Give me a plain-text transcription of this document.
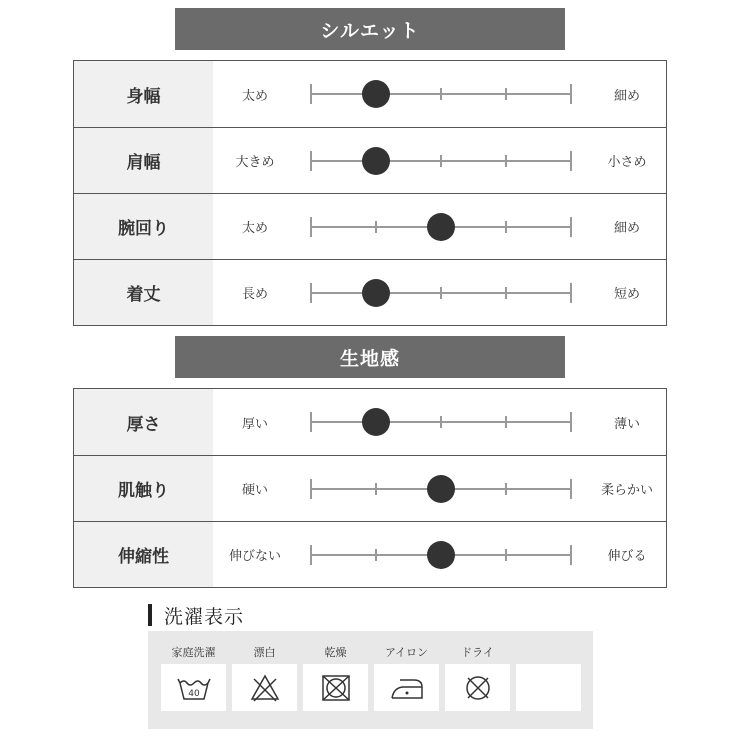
シルエット
身幅	太め	細め
肩幅	大きめ	小さめ
腕回り	太め	細め
着丈	長め	短め
生地感
厚さ	厚い	薄い
肌触り	硬い	柔らかい
伸縮性	伸びない	伸びる
洗濯表示
家庭洗濯
40
漂白	乾燥	アイロン	ドライ
